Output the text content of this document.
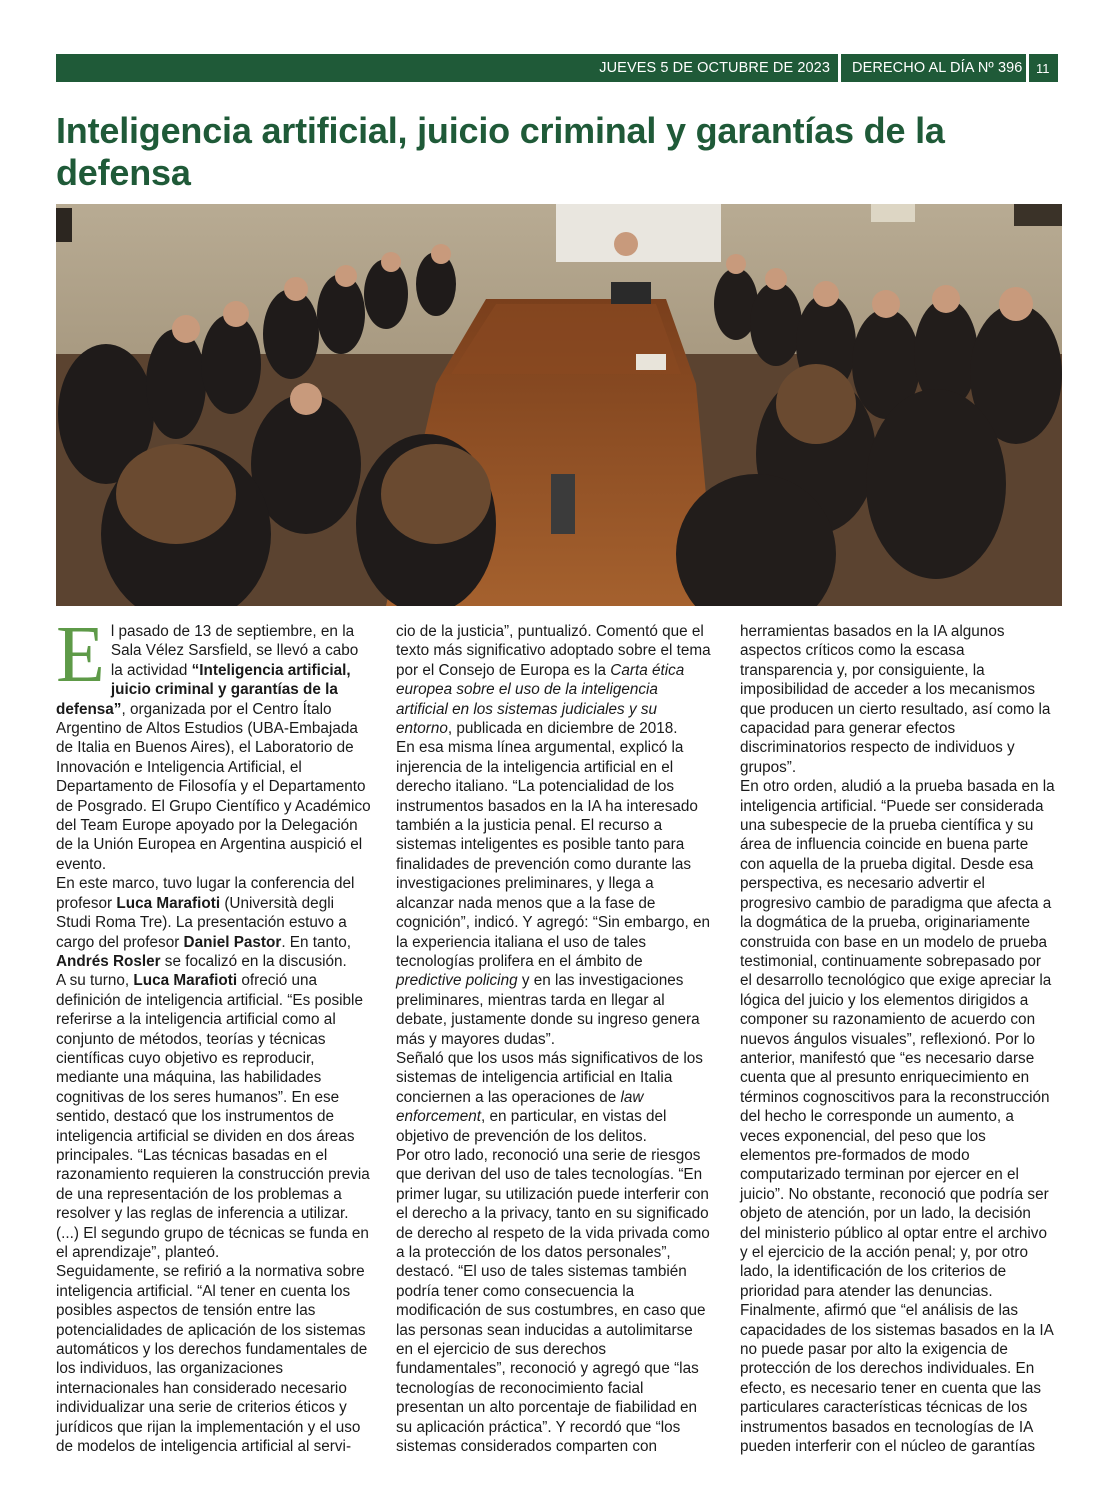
JUEVES 5 DE OCTUBRE DE 2023 DERECHO AL DÍA Nº 396 11
Inteligencia artificial, juicio criminal y garantías de la defensa

El pasado de 13 de septiembre, en la Sala Vélez Sarsfield, se llevó a cabo la actividad “Inteligencia artificial, juicio criminal y garantías de la defensa”, organizada por el Centro Ítalo Argentino de Altos Estudios (UBA-Embajada de Italia en Buenos Aires), el Laboratorio de Innovación e Inteligencia Artificial, el Departamento de Filosofía y el Departamento de Posgrado. El Grupo Científico y Académico del Team Europe apoyado por la Delegación de la Unión Europea en Argentina auspició el evento.

En este marco, tuvo lugar la conferencia del profesor Luca Marafioti (Università degli Studi Roma Tre). La presentación estuvo a cargo del profesor Daniel Pastor. En tanto, Andrés Rosler se focalizó en la discusión.

A su turno, Luca Marafioti ofreció una definición de inteligencia artificial. “Es posible referirse a la inteligencia artificial como al conjunto de métodos, teorías y técnicas científicas cuyo objetivo es reproducir, mediante una máquina, las habilidades cognitivas de los seres humanos”. En ese sentido, destacó que los instrumentos de inteligencia artificial se dividen en dos áreas principales. “Las técnicas basadas en el razonamiento requieren la construcción previa de una representación de los problemas a resolver y las reglas de inferencia a utilizar. (...) El segundo grupo de técnicas se funda en el aprendizaje”, planteó.

Seguidamente, se refirió a la normativa sobre inteligencia artificial. “Al tener en cuenta los posibles aspectos de tensión entre las potencialidades de aplicación de los sistemas automáticos y los derechos fundamentales de los individuos, las organizaciones internacionales han considerado necesario individualizar una serie de criterios éticos y jurídicos que rijan la implementación y el uso de modelos de inteligencia artificial al servi-

cio de la justicia”, puntualizó. Comentó que el texto más significativo adoptado sobre el tema por el Consejo de Europa es la Carta ética europea sobre el uso de la inteligencia artificial en los sistemas judiciales y su entorno, publicada en diciembre de 2018.

En esa misma línea argumental, explicó la injerencia de la inteligencia artificial en el derecho italiano. “La potencialidad de los instrumentos basados en la IA ha interesado también a la justicia penal. El recurso a sistemas inteligentes es posible tanto para finalidades de prevención como durante las investigaciones preliminares, y llega a alcanzar nada menos que a la fase de cognición”, indicó. Y agregó: “Sin embargo, en la experiencia italiana el uso de tales tecnologías prolifera en el ámbito de predictive policing y en las investigaciones preliminares, mientras tarda en llegar al debate, justamente donde su ingreso genera más y mayores dudas”.

Señaló que los usos más significativos de los sistemas de inteligencia artificial en Italia conciernen a las operaciones de law enforcement, en particular, en vistas del objetivo de prevención de los delitos.

Por otro lado, reconoció una serie de riesgos que derivan del uso de tales tecnologías. “En primer lugar, su utilización puede interferir con el derecho a la privacy, tanto en su significado de derecho al respeto de la vida privada como a la protección de los datos personales”, destacó. “El uso de tales sistemas también podría tener como consecuencia la modificación de sus costumbres, en caso que las personas sean inducidas a autolimitarse en el ejercicio de sus derechos fundamentales”, reconoció y agregó que “las tecnologías de reconocimiento facial presentan un alto porcentaje de fiabilidad en su aplicación práctica”. Y recordó que “los sistemas considerados comparten con

herramientas basados en la IA algunos aspectos críticos como la escasa transparencia y, por consiguiente, la imposibilidad de acceder a los mecanismos que producen un cierto resultado, así como la capacidad para generar efectos discriminatorios respecto de individuos y grupos”.

En otro orden, aludió a la prueba basada en la inteligencia artificial. “Puede ser considerada una subespecie de la prueba científica y su área de influencia coincide en buena parte con aquella de la prueba digital. Desde esa perspectiva, es necesario advertir el progresivo cambio de paradigma que afecta a la dogmática de la prueba, originariamente construida con base en un modelo de prueba testimonial, continuamente sobrepasado por el desarrollo tecnológico que exige apreciar la lógica del juicio y los elementos dirigidos a componer su razonamiento de acuerdo con nuevos ángulos visuales”, reflexionó. Por lo anterior, manifestó que “es necesario darse cuenta que al presunto enriquecimiento en términos cognoscitivos para la reconstrucción del hecho le corresponde un aumento, a veces exponencial, del peso que los elementos pre-formados de modo computarizado terminan por ejercer en el juicio”. No obstante, reconoció que podría ser objeto de atención, por un lado, la decisión del ministerio público al optar entre el archivo y el ejercicio de la acción penal; y, por otro lado, la identificación de los criterios de prioridad para atender las denuncias.

Finalmente, afirmó que “el análisis de las capacidades de los sistemas basados en la IA no puede pasar por alto la exigencia de protección de los derechos individuales. En efecto, es necesario tener en cuenta que las particulares características técnicas de los instrumentos basados en tecnologías de IA pueden interferir con el núcleo de garantías
